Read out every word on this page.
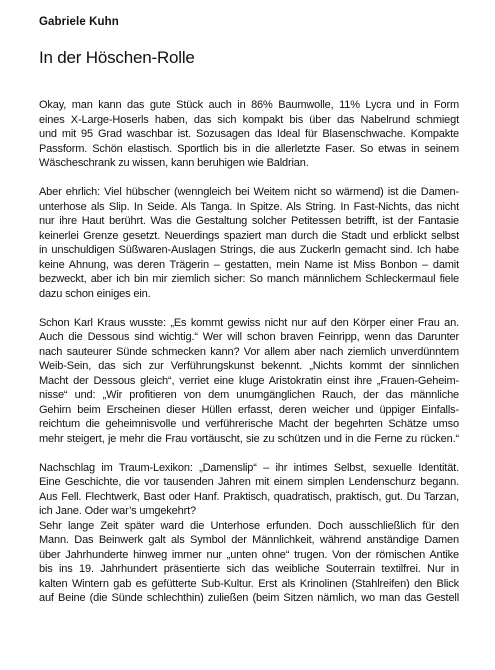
Gabriele Kuhn
In der Höschen-Rolle

Okay, man kann das gute Stück auch in 86% Baumwolle, 11% Lycra und in Form
eines X-Large-Hoserls haben, das sich kompakt bis über das Nabelrund schmiegt
und mit 95 Grad waschbar ist. Sozusagen das Ideal für Blasenschwache. Kompakte
Passform. Schön elastisch. Sportlich bis in die allerletzte Faser. So etwas in seinem
Wäscheschrank zu wissen, kann beruhigen wie Baldrian.

Aber ehrlich: Viel hübscher (wenngleich bei Weitem nicht so wärmend) ist die Damen-
unterhose als Slip. In Seide. Als Tanga. In Spitze. Als String. In Fast-Nichts, das nicht
nur ihre Haut berührt. Was die Gestaltung solcher Petitessen betrifft, ist der Fantasie
keinerlei Grenze gesetzt. Neuerdings spaziert man durch die Stadt und erblickt selbst
in unschuldigen Süßwaren-Auslagen Strings, die aus Zuckerln gemacht sind. Ich habe
keine Ahnung, was deren Trägerin – gestatten, mein Name ist Miss Bonbon – damit
bezweckt, aber ich bin mir ziemlich sicher: So manch männlichem Schleckermaul fiele
dazu schon einiges ein.

Schon Karl Kraus wusste: „Es kommt gewiss nicht nur auf den Körper einer Frau an.
Auch die Dessous sind wichtig.“ Wer will schon braven Feinripp, wenn das Darunter
nach sauteurer Sünde schmecken kann? Vor allem aber nach ziemlich unverdünntem
Weib-Sein, das sich zur Verführungskunst bekennt. „Nichts kommt der sinnlichen
Macht der Dessous gleich“, verriet eine kluge Aristokratin einst ihre „Frauen-Geheim-
nisse“ und: „Wir profitieren von dem unumgänglichen Rauch, der das männliche
Gehirn beim Erscheinen dieser Hüllen erfasst, deren weicher und üppiger Einfalls-
reichtum die geheimnisvolle und verführerische Macht der begehrten Schätze umso
mehr steigert, je mehr die Frau vortäuscht, sie zu schützen und in die Ferne zu rücken.“

Nachschlag im Traum-Lexikon: „Damenslip“ – ihr intimes Selbst, sexuelle Identität.
Eine Geschichte, die vor tausenden Jahren mit einem simplen Lendenschurz begann.
Aus Fell. Flechtwerk, Bast oder Hanf. Praktisch, quadratisch, praktisch, gut. Du Tarzan,
ich Jane. Oder war’s umgekehrt?

Sehr lange Zeit später ward die Unterhose erfunden. Doch ausschließlich für den
Mann. Das Beinwerk galt als Symbol der Männlichkeit, während anständige Damen
über Jahrhunderte hinweg immer nur „unten ohne“ trugen. Von der römischen Antike
bis ins 19. Jahrhundert präsentierte sich das weibliche Souterrain textilfrei. Nur in
kalten Wintern gab es gefütterte Sub-Kultur. Erst als Krinolinen (Stahlreifen) den Blick
auf Beine (die Sünde schlechthin) zuließen (beim Sitzen nämlich, wo man das Gestell
